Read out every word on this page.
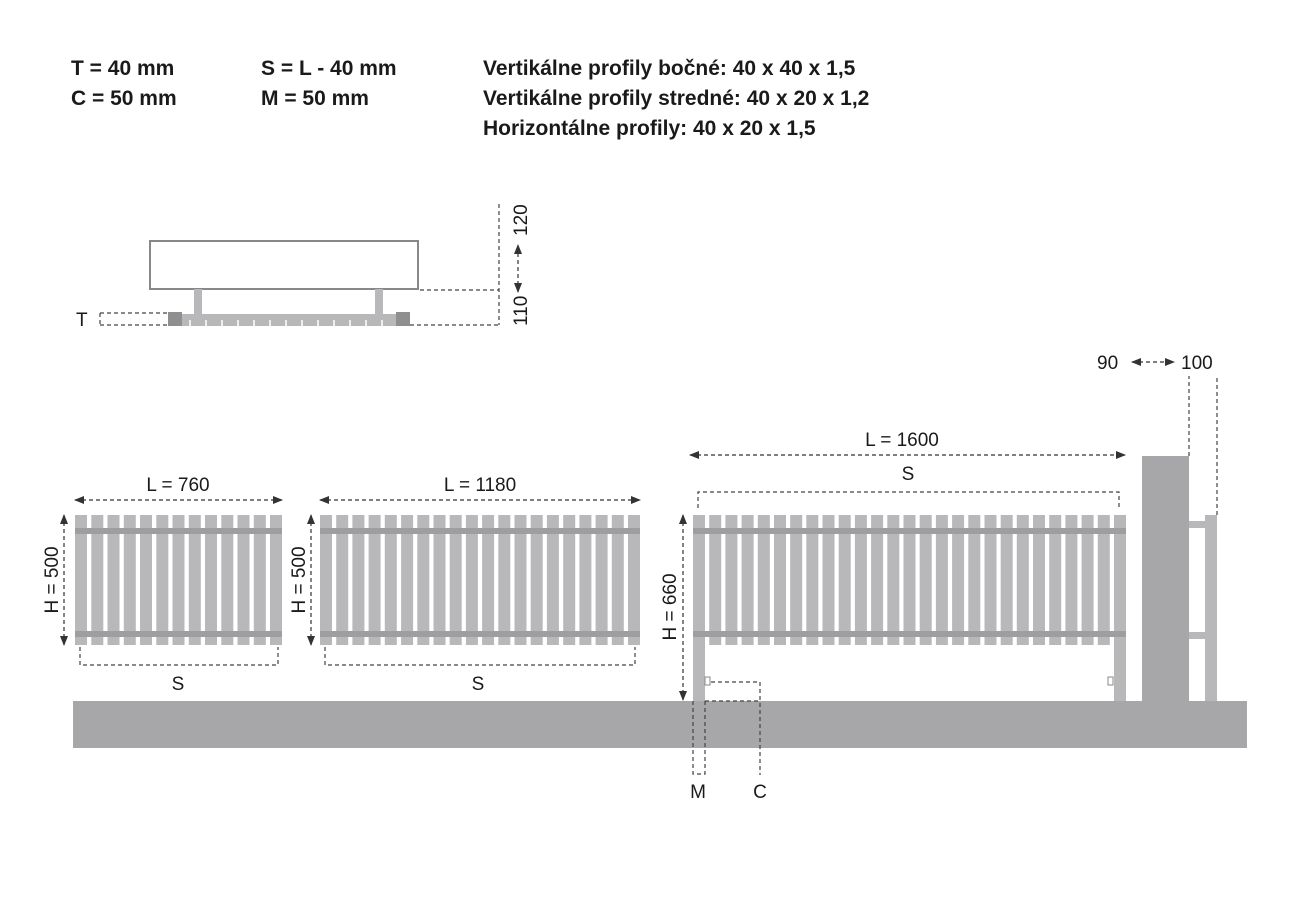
T = 40 mm
C = 50 mm
S = L - 40 mm
M = 50 mm
Vertikálne profily bočné: 40 x 40 x 1,5
Vertikálne profily stredné: 40 x 20 x 1,2
Horizontálne profily: 40 x 20 x 1,5
T
120
110
L = 760
H = 500
S
L = 1180
H = 500
S
L = 1600
S
H = 660
M C
90	100
